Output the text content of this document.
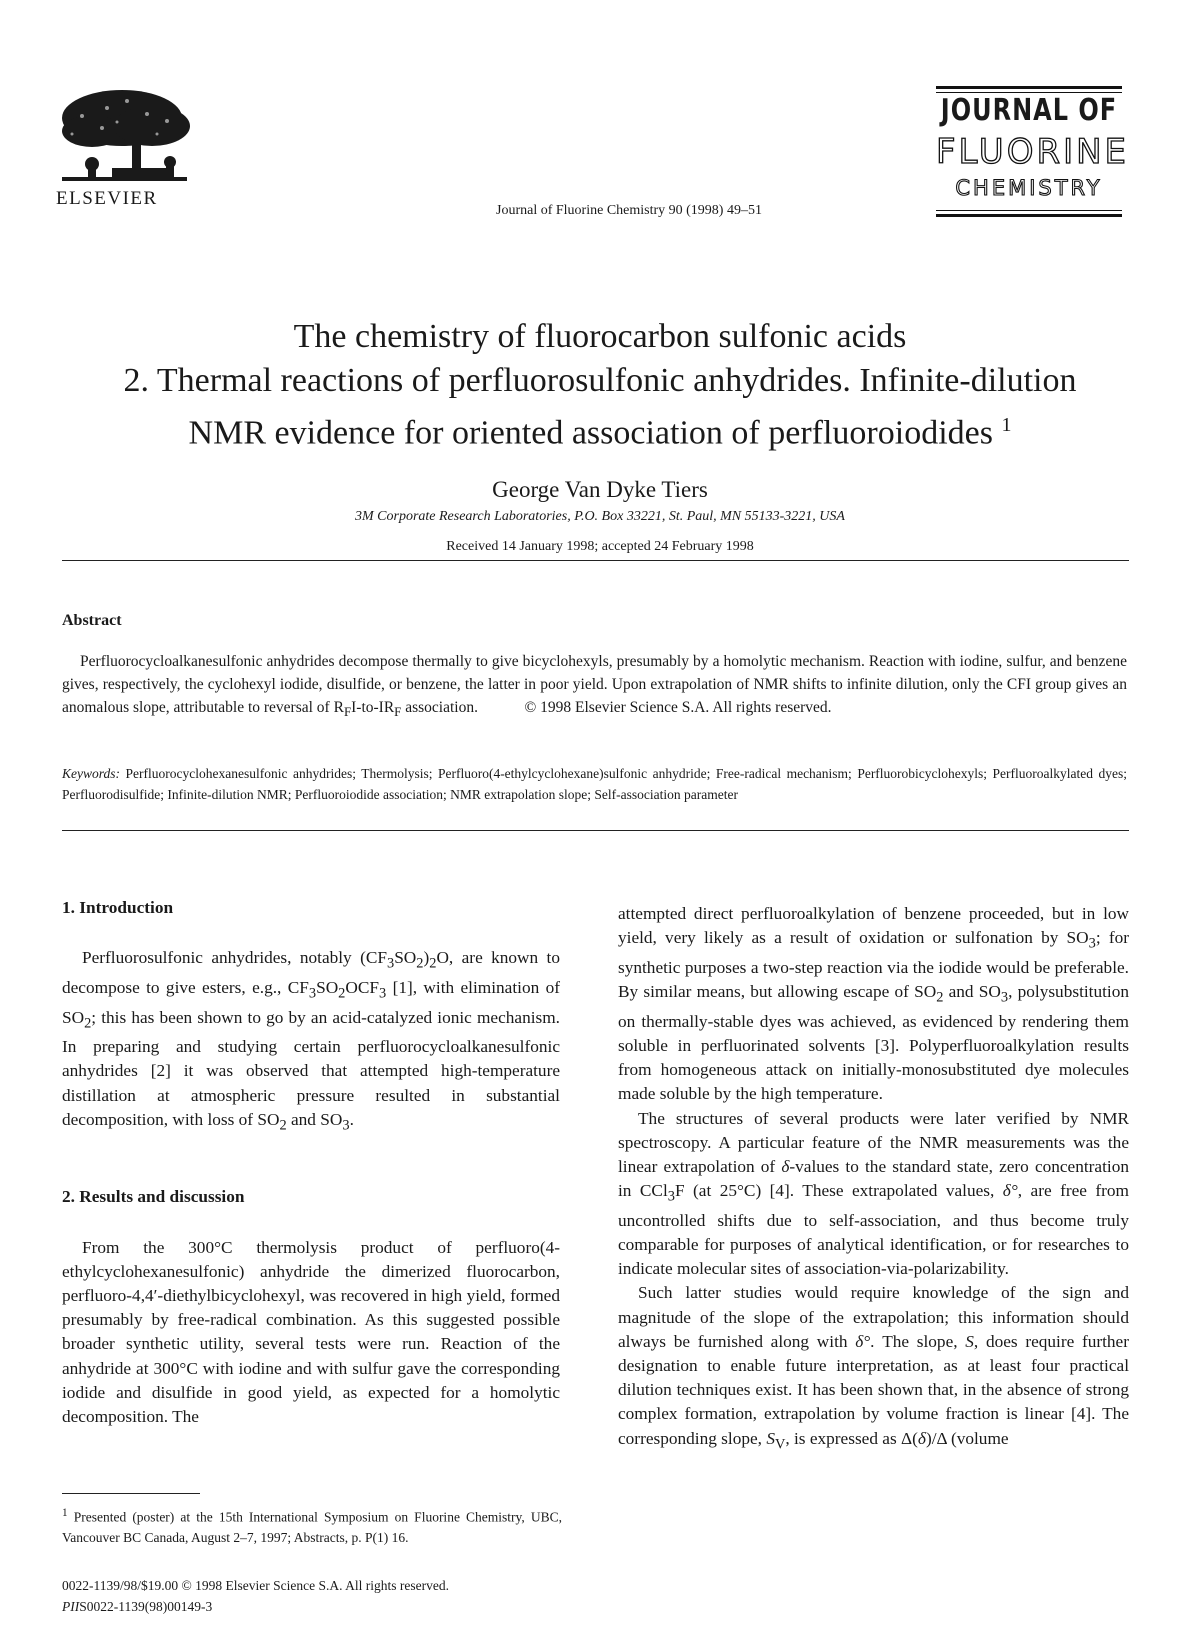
ELSEVIER
Journal of Fluorine Chemistry 90 (1998) 49–51
JOURNAL OF
FLUORINE
CHEMISTRY
The chemistry of fluorocarbon sulfonic acids
2. Thermal reactions of perfluorosulfonic anhydrides. Infinite-dilution
NMR evidence for oriented association of perfluoroiodides $^1$
George Van Dyke Tiers
3M Corporate Research Laboratories, P.O. Box 33221, St. Paul, MN 55133-3221, USA
Received 14 January 1998; accepted 24 February 1998
Abstract
Perfluorocycloalkanesulfonic anhydrides decompose thermally to give bicyclohexyls, presumably by a homolytic mechanism. Reaction with iodine, sulfur, and benzene gives, respectively, the cyclohexyl iodide, disulfide, or benzene, the latter in poor yield. Upon extrapolation of NMR shifts to infinite dilution, only the CFI group gives an anomalous slope, attributable to reversal of $R_FI-to-IR_F$ association.	© 1998 Elsevier Science S.A. All rights reserved.
Keywords: Perfluorocyclohexanesulfonic anhydrides; Thermolysis; Perfluoro(4-ethylcyclohexane)sulfonic anhydride; Free-radical mechanism; Perfluorobicyclohexyls; Perfluoroalkylated dyes; Perfluorodisulfide; Infinite-dilution NMR; Perfluoroiodide association; NMR extrapolation slope; Self-association parameter

1. Introduction

Perfluorosulfonic anhydrides, notably $(CF_3SO_2)_2O$, are known to decompose to give esters, e.g., $CF_3SO_2OCF_3$ [1], with elimination of $SO_2$; this has been shown to go by an acid-catalyzed ionic mechanism. In preparing and studying certain perfluorocycloalkanesulfonic anhydrides [2] it was observed that attempted high-temperature distillation at atmospheric pressure resulted in substantial decomposition, with loss of $SO_2$ and $SO_3$.

2. Results and discussion

From the 300°C thermolysis product of perfluoro(4-ethylcyclohexanesulfonic) anhydride the dimerized fluorocarbon, perfluoro-4,4′-diethylbicyclohexyl, was recovered in high yield, formed presumably by free-radical combination. As this suggested possible broader synthetic utility, several tests were run. Reaction of the anhydride at 300°C with iodine and with sulfur gave the corresponding iodide and disulfide in good yield, as expected for a homolytic decomposition. The

attempted direct perfluoroalkylation of benzene proceeded, but in low yield, very likely as a result of oxidation or sulfonation by $SO_3$; for synthetic purposes a two-step reaction via the iodide would be preferable. By similar means, but allowing escape of $SO_2$ and $SO_3$, polysubstitution on thermally-stable dyes was achieved, as evidenced by rendering them soluble in perfluorinated solvents [3]. Polyperfluoroalkylation results from homogeneous attack on initially-monosubstituted dye molecules made soluble by the high temperature.

The structures of several products were later verified by NMR spectroscopy. A particular feature of the NMR measurements was the linear extrapolation of δ-values to the standard state, zero concentration in CCl$_3$F (at 25°C) [4]. These extrapolated values, δ°, are free from uncontrolled shifts due to self-association, and thus become truly comparable for purposes of analytical identification, or for researches to indicate molecular sites of association-via-polarizability.

Such latter studies would require knowledge of the sign and magnitude of the slope of the extrapolation; this information should always be furnished along with δ°. The slope, S, does require further designation to enable future interpretation, as at least four practical dilution techniques exist. It has been shown that, in the absence of strong complex formation, extrapolation by volume fraction is linear [4]. The corresponding slope, $S_V$, is expressed as Δ(δ)/Δ (volume

$^1$ Presented (poster) at the 15th International Symposium on Fluorine Chemistry, UBC, Vancouver BC Canada, August 2–7, 1997; Abstracts, p. P(1) 16.
0022-1139/98/$19.00 © 1998 Elsevier Science S.A. All rights reserved.
PIIS0022-1139(98)00149-3
